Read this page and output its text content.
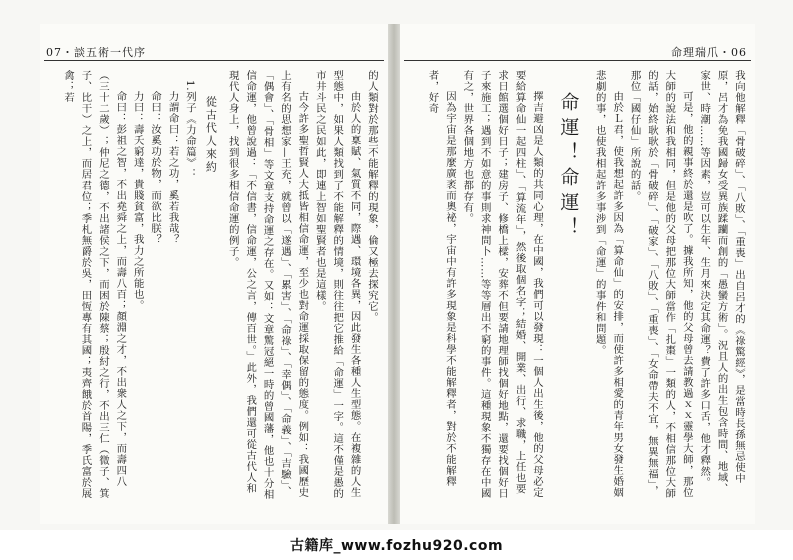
07・談五術一代序

的人類對於那些不能解釋的現象，倫又極去探究它。

由於人的稟賦、氣質不同，際遇、環境各異，因此發生各種人生型態。在複雜的人生型態中，如果人類找到了不能解釋的情境，則往往把它推給「命運」一字。這不僅是愚的市井斗民之民如此，即連上智如聖賢者也是這樣。

古今許多聖哲賢人大抵皆相信命運，至少也對命運採取保留的態度。例如：我國歷史上有名的思想家—王充，就曾以「遂遇」、「累害」、「命祿」、「幸偶」、「命義」、「吉驗」、「偶會」、「骨相」等文章支持命運之存在。又如：文章驚冠絕一時的曾國藩，他也十分相信命運，他曾說過：「不信書，信命運，公之言，傳百世。」此外，我們還可從古代人和現代人身上，找到很多相信命運的例子。

從古代人來約

1.列子《力命篇》：

力謂命曰：若之功，奚若我哉？

命曰：汝奚功於物，而欲比朕？

力曰：壽夭窮達，貴賤貧富，我力之所能也。

命曰：彭祖之智，不出堯舜之上，而壽八百；顏淵之才，不出衆人之下，而壽四八（三十二歲）；仲尼之德，不出諸侯之下，而困於陳蔡；殷紂之行，不出三仁（微子、箕子、比干）之上，而居君位；季札無爵於吳，田恆專有其國；夷齊餓於首陽，季氏富於展禽；若

命理瑞爪・06

我向他解釋「骨破碎」、「八敗」、「重喪」出自呂才的《祿驚經》，是當時長孫無忌使中原，呂才為免我國歸女受異族蹂躪而創的「愚蠻方術」。況且人的出生包含時間、地域、家世、時潮……等因素，豈可以生年、生月來決定其命運？費了許多口舌，他才釋然。

可是，他的親事終於還是吹了。據我所知，他的父母曾去請教過ｘｘ靈學大師，那位大師的說法和我相同，但是他的父母把那位大師當作「扎棗」一類的人，不相信那位大師的話，始終耿耿於「骨破碎」、「破家」、「八敗」、「重喪」、「女命帶夫不宜，無異無福」，那位「國仔仙」所說的話。

由於Ｌ君，使我想起許多因為「算命仙」的安排，而使許多相愛的青年男女發生婚姻悲劇的事，也使我相起許多事涉到「命運」的事件和問題。

命運！命運！

擇吉避凶是人類的共同心理，在中國，我們可以發現：一個人出生後，他的父母必定要給算命仙一起四柱」、「算流年」，然後取個名字；結婚、開業、出行、求職，上任也要求日館選個好日子；建房子、修橋上樑，安葬不但要請地理師找個好地點，還要找個好日子來施工；遇到不如意的事則求神問卜……等等層出不窮的事件。這種現象不獨存在中國有之，世界各個地方也都存有。

因為宇宙是那麼廣袤而奧祕，宇宙中有許多現象是科學不能解釋者，對於不能解釋者，好奇

古籍库_www.fozhu920.com
